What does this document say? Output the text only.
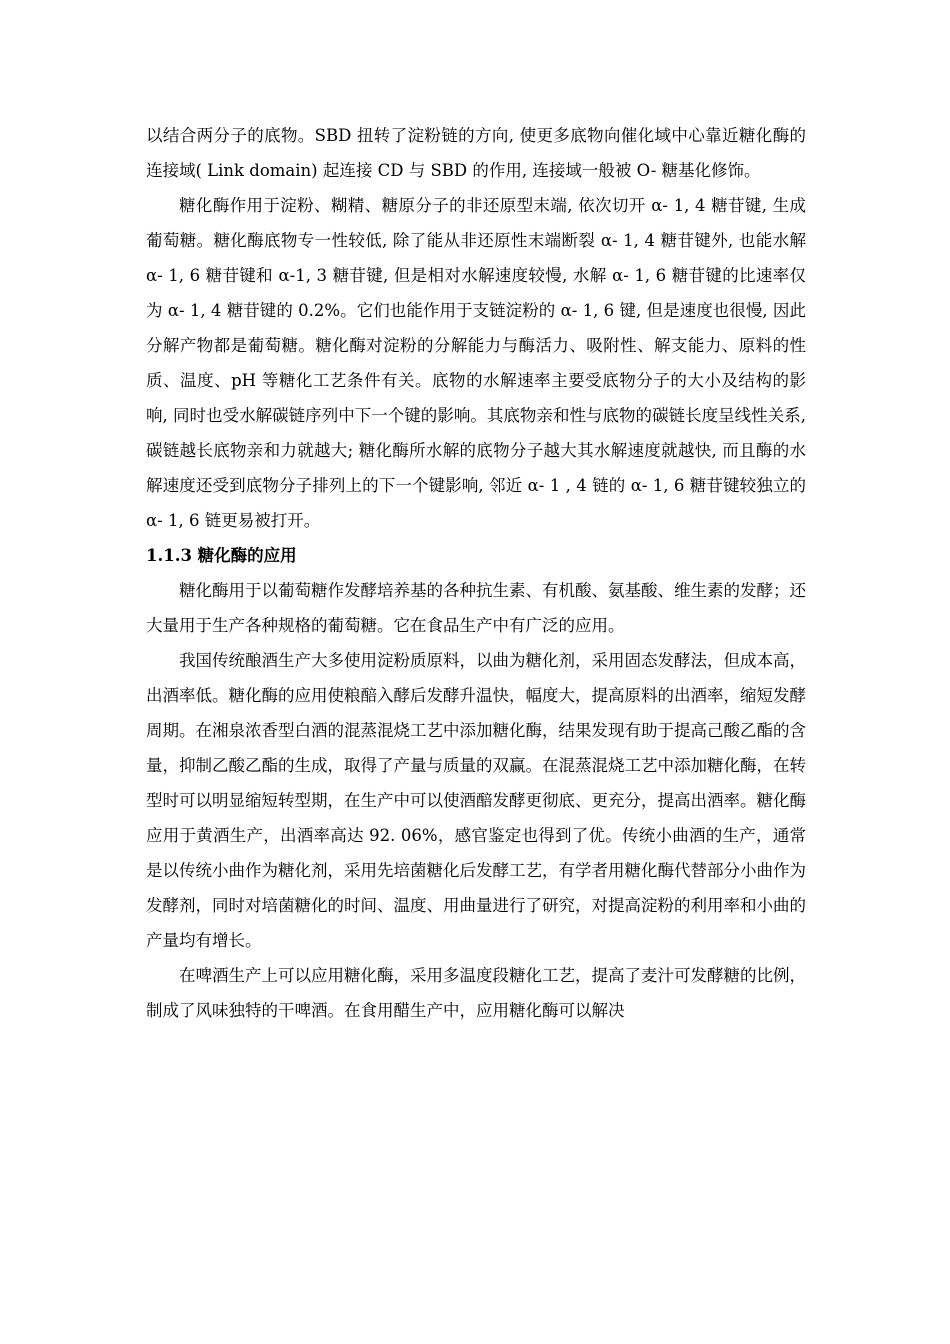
以结合两分子的底物。SBD 扭转了淀粉链的方向, 使更多底物向催化域中心靠近糖化酶的连接域( Link domain) 起连接 CD 与 SBD 的作用, 连接域一般被 O- 糖基化修饰。

糖化酶作用于淀粉、糊精、糖原分子的非还原型末端, 依次切开 α- 1, 4 糖苷键, 生成葡萄糖。糖化酶底物专一性较低, 除了能从非还原性末端断裂 α- 1, 4 糖苷键外, 也能水解 α- 1, 6 糖苷键和 α-1, 3 糖苷键, 但是相对水解速度较慢, 水解 α- 1, 6 糖苷键的比速率仅为 α- 1, 4 糖苷键的 0.2%。它们也能作用于支链淀粉的 α- 1, 6 键, 但是速度也很慢, 因此分解产物都是葡萄糖。糖化酶对淀粉的分解能力与酶活力、吸附性、解支能力、原料的性质、温度、pH 等糖化工艺条件有关。底物的水解速率主要受底物分子的大小及结构的影响, 同时也受水解碳链序列中下一个键的影响。其底物亲和性与底物的碳链长度呈线性关系, 碳链越长底物亲和力就越大; 糖化酶所水解的底物分子越大其水解速度就越快, 而且酶的水解速度还受到底物分子排列上的下一个键影响, 邻近 α- 1 , 4 链的 α- 1, 6 糖苷键较独立的 α- 1, 6 链更易被打开。

1.1.3 糖化酶的应用

糖化酶用于以葡萄糖作发酵培养基的各种抗生素、有机酸、氨基酸、维生素的发酵；还大量用于生产各种规格的葡萄糖。它在食品生产中有广泛的应用。

我国传统酿酒生产大多使用淀粉质原料，以曲为糖化剂，采用固态发酵法，但成本高，出酒率低。糖化酶的应用使粮醅入酵后发酵升温快，幅度大，提高原料的出酒率，缩短发酵周期。在湘泉浓香型白酒的混蒸混烧工艺中添加糖化酶，结果发现有助于提高己酸乙酯的含量，抑制乙酸乙酯的生成，取得了产量与质量的双赢。在混蒸混烧工艺中添加糖化酶，在转型时可以明显缩短转型期，在生产中可以使酒醅发酵更彻底、更充分，提高出酒率。糖化酶应用于黄酒生产，出酒率高达 92. 06%，感官鉴定也得到了优。传统小曲酒的生产，通常是以传统小曲作为糖化剂，采用先培菌糖化后发酵工艺，有学者用糖化酶代替部分小曲作为发酵剂，同时对培菌糖化的时间、温度、用曲量进行了研究，对提高淀粉的利用率和小曲的产量均有增长。

在啤酒生产上可以应用糖化酶，采用多温度段糖化工艺，提高了麦汁可发酵糖的比例，制成了风味独特的干啤酒。在食用醋生产中，应用糖化酶可以解决
